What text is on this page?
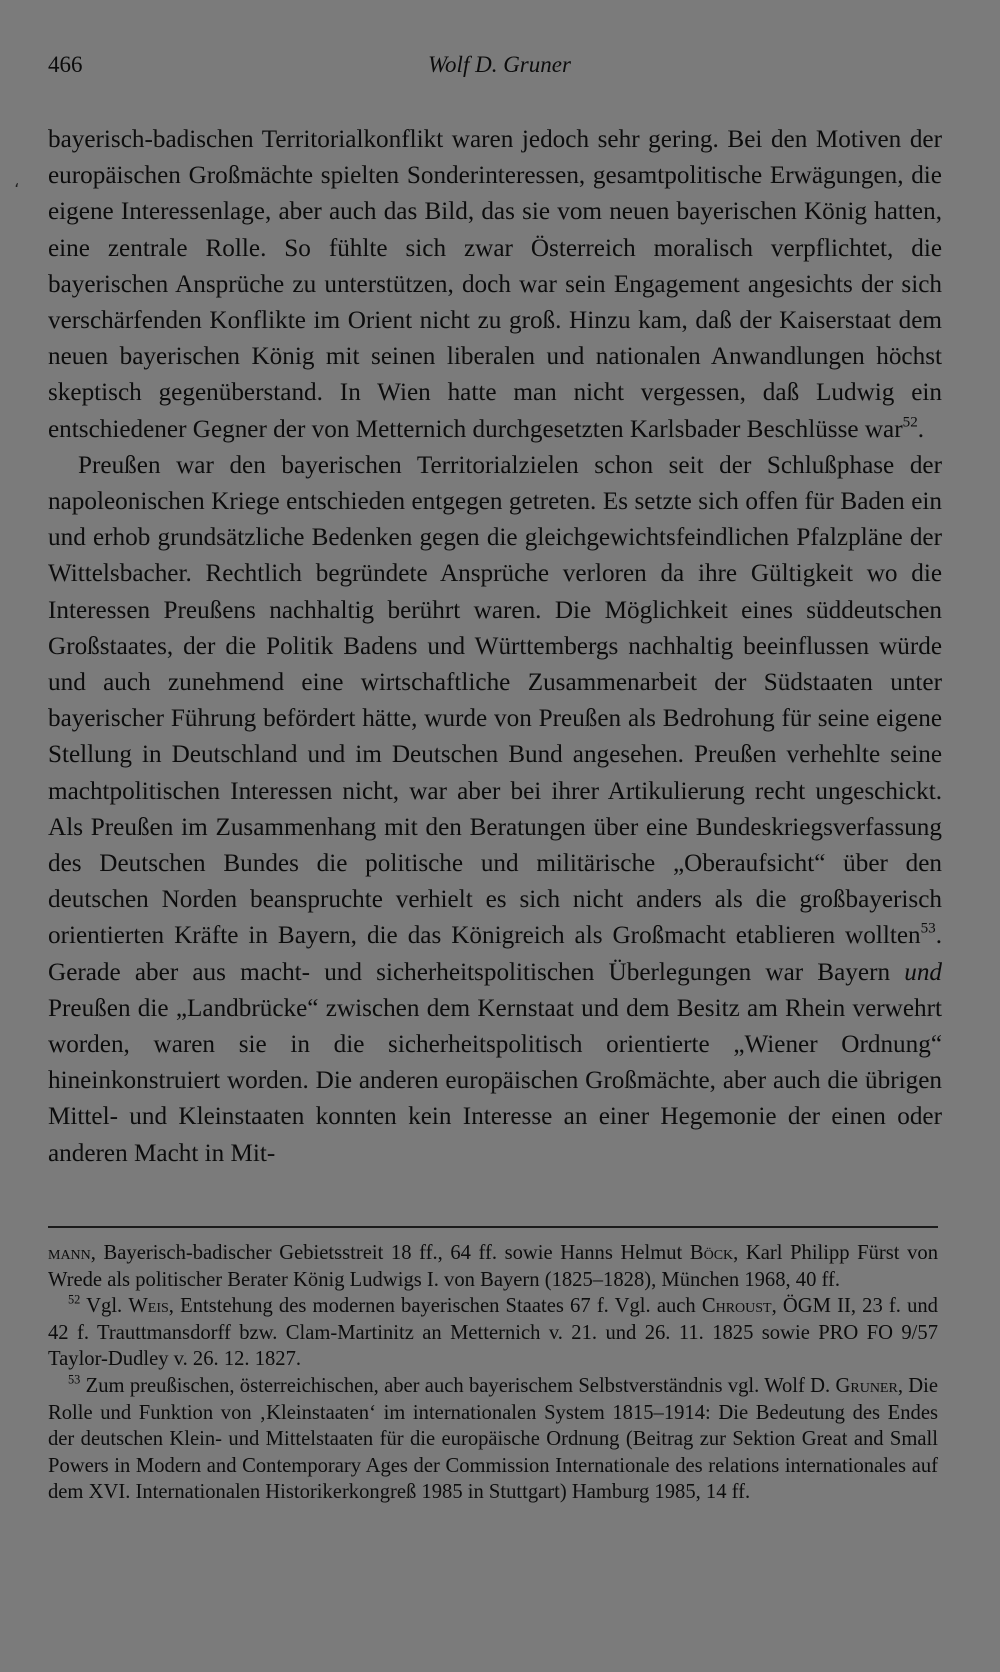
،
466	Wolf D. Gruner

bayerisch-badischen Territorialkonflikt waren jedoch sehr gering. Bei den Motiven der europäischen Großmächte spielten Sonderinteressen, gesamtpolitische Erwägungen, die eigene Interessenlage, aber auch das Bild, das sie vom neuen bayerischen König hatten, eine zentrale Rolle. So fühlte sich zwar Österreich moralisch verpflichtet, die bayerischen Ansprüche zu unterstützen, doch war sein Engagement angesichts der sich verschärfenden Konflikte im Orient nicht zu groß. Hinzu kam, daß der Kaiserstaat dem neuen bayerischen König mit seinen liberalen und nationalen Anwandlungen höchst skeptisch gegenüberstand. In Wien hatte man nicht vergessen, daß Ludwig ein entschiedener Gegner der von Metternich durchgesetzten Karlsbader Beschlüsse war$^{52}$.

Preußen war den bayerischen Territorialzielen schon seit der Schlußphase der napoleonischen Kriege entschieden entgegen getreten. Es setzte sich offen für Baden ein und erhob grundsätzliche Bedenken gegen die gleichgewichtsfeindlichen Pfalzpläne der Wittelsbacher. Rechtlich begründete Ansprüche verloren da ihre Gültigkeit wo die Interessen Preußens nachhaltig berührt waren. Die Möglichkeit eines süddeutschen Großstaates, der die Politik Badens und Württembergs nachhaltig beeinflussen würde und auch zunehmend eine wirtschaftliche Zusammenarbeit der Südstaaten unter bayerischer Führung befördert hätte, wurde von Preußen als Bedrohung für seine eigene Stellung in Deutschland und im Deutschen Bund angesehen. Preußen verhehlte seine machtpolitischen Interessen nicht, war aber bei ihrer Artikulierung recht ungeschickt. Als Preußen im Zusammenhang mit den Beratungen über eine Bundeskriegsverfassung des Deutschen Bundes die politische und militärische „Oberaufsicht“ über den deutschen Norden beanspruchte verhielt es sich nicht anders als die großbayerisch orientierten Kräfte in Bayern, die das Königreich als Großmacht etablieren wollten$^{53}$. Gerade aber aus macht- und sicherheitspolitischen Überlegungen war Bayern und Preußen die „Landbrücke“ zwischen dem Kernstaat und dem Besitz am Rhein verwehrt worden, waren sie in die sicherheitspolitisch orientierte „Wiener Ordnung“ hineinkonstruiert worden. Die anderen europäischen Großmächte, aber auch die übrigen Mittel- und Kleinstaaten konnten kein Interesse an einer Hegemonie der einen oder anderen Macht in Mit-

mann, Bayerisch-badischer Gebietsstreit 18 ff., 64 ff. sowie Hanns Helmut Böck, Karl Philipp Fürst von Wrede als politischer Berater König Ludwigs I. von Bayern (1825–1828), München 1968, 40 ff.

$^{52}$ Vgl. Weis, Entstehung des modernen bayerischen Staates 67 f. Vgl. auch Chroust, ÖGM II, 23 f. und 42 f. Trauttmansdorff bzw. Clam-Martinitz an Metternich v. 21. und 26. 11. 1825 sowie PRO FO 9/57 Taylor-Dudley v. 26. 12. 1827.

$^{53}$ Zum preußischen, österreichischen, aber auch bayerischem Selbstverständnis vgl. Wolf D. Gruner, Die Rolle und Funktion von ‚Kleinstaaten‘ im internationalen System 1815–1914: Die Bedeutung des Endes der deutschen Klein- und Mittelstaaten für die europäische Ordnung (Beitrag zur Sektion Great and Small Powers in Modern and Contemporary Ages der Commission Internationale des relations internationales auf dem XVI. Internationalen Historikerkongreß 1985 in Stuttgart) Hamburg 1985, 14 ff.
